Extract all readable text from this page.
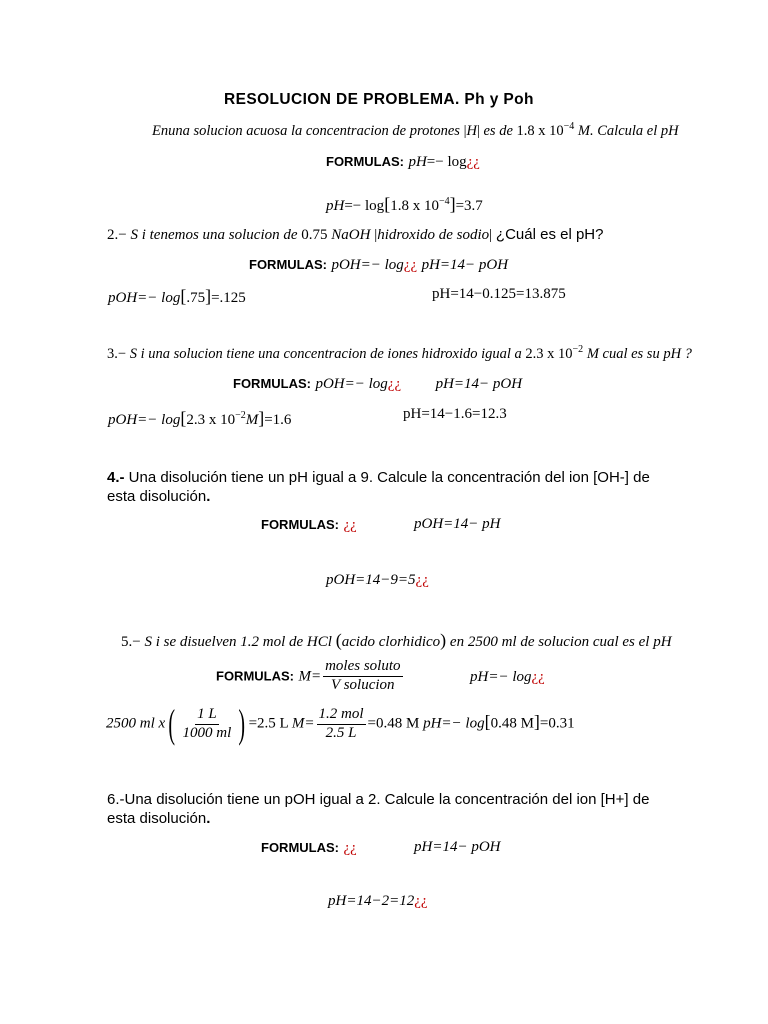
RESOLUCION DE PROBLEMA. Ph y Poh
Enuna solucion acuosa la concentracion de protones |H| es de 1.8 x $10^{-4}$ M. Calcula el pH
FORMULAS: pH=− log¿¿
pH=− log[1.8 x $10^{-4}]=3.7$
2.− S i tenemos una solucion de 0.75 NaOH |hidroxido de sodio| ¿Cuál es el pH?
FORMULAS: pOH=− log¿¿ pH=14− pOH
pOH=− log[.75]=.125	pH=14−0.125=13.875
3.− S i una solucion tiene una concentracion de iones hidroxido igual a 2.3 x $10^{-2}$ M cual es su pH ?
FORMULAS: pOH=− log¿¿ pH=14− pOH
pOH=− log[2.3 x $10^{-2}M]=1.6$	pH=14−1.6=12.3
4.- Una disolución tiene un pH igual a 9. Calcule la concentración del ion [OH-] de esta disolución.
FORMULAS: ¿¿	pOH=14− pH
pOH=14−9=5¿¿
5.− S i se disuelven 1.2 mol de HCl (acido clorhidico) en 2500 ml de solucion cual es el pH
FORMULAS: $M= \frac{\text{moles soluto}}{\text{V solucion}}$	pH=− log¿¿
2500 ml $x( \frac{1 L}{1000 ml}$ ) =2.5 L $M= \frac{\text{1.2 mol}}{2.5 L} =0.48$ M pH=− log[0.48 M]=0.31
6.-Una disolución tiene un pOH igual a 2. Calcule la concentración del ion [H+] de esta disolución.
FORMULAS: ¿¿	pH=14− pOH
pH=14−2=12¿¿
